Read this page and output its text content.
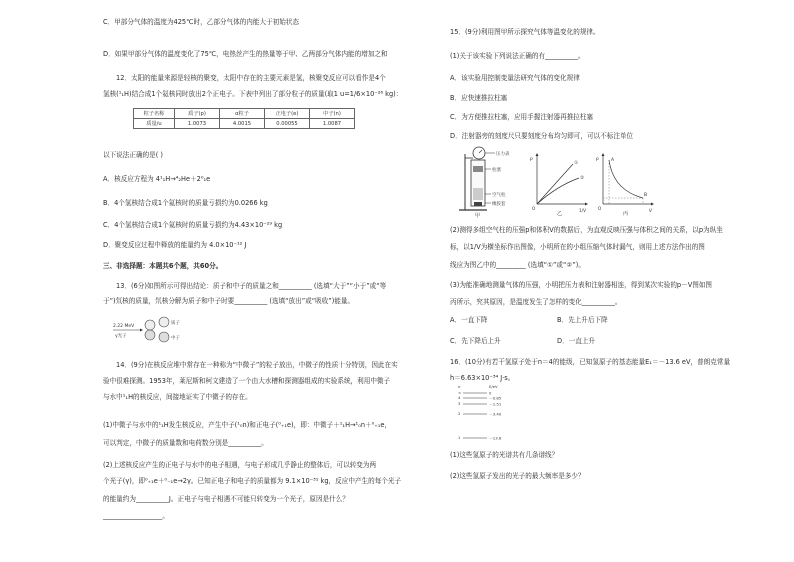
C．甲部分气体的温度为425℃时，乙部分气体的内能大于初始状态
D．如果甲部分气体的温度变化了75℃，电热丝产生的热量等于甲、乙两部分气体内能的增加之和
12．太阳的能量来源是轻核的聚变，太阳中存在的主要元素是氢，核聚变反应可以看作是4个
氢核(¹₁H)结合成1个氦核同时放出2个正电子。下表中列出了部分粒子的质量(取1 u=1/6×10⁻²⁶ kg)：
粒子名称	质子(p)	α粒子	正电子(e)	中子(n)
质量/u	1.0073	4.0015	0.00055	1.0087
以下说法正确的是( )
A．核反应方程为 4¹₁H→⁴₂He＋2⁰₁e
B．4个氢核结合成1个氦核时的质量亏损约为0.0266 kg
C．4个氢核结合成1个氦核时的质量亏损约为4.43×10⁻²⁹ kg
D．聚变反应过程中释放的能量约为 4.0×10⁻¹² J
三、非选择题：本题共6个题，共60分。
13．(6分)如图所示可得出结论：质子和中子的质量之和__________ (选填“大于”“小于”或“等
于”)氘核的质量，氘核分解为质子和中子时要__________ (选填“放出”或“吸收”)能量。
2.22 MeV
γ光子
质子
中子
14．(9分)在核反应堆中常存在一种称为“中微子”的粒子放出，中微子的性质十分特别，因此在实
验中很难探测。1953年，莱尼斯和柯文建造了一个由大水槽和探测器组成的实验系统，利用中微子
与水中¹₁H的核反应，间接地证实了中微子的存在。
(1)中微子与水中的¹₁H发生核反应，产生中子(¹₀n)和正电子(⁰₊₁e)，即：中微子＋¹₁H→¹₀n＋⁰₊₁e，
可以判定，中微子的质量数和电荷数分别是__________。
(2)上述核反应产生的正电子与水中的电子相遇，与电子形成几乎静止的整体后，可以转变为两
个光子(γ)，即⁰₊₁e＋⁰₋₁e→2γ。已知正电子和电子的质量都为 9.1×10⁻³¹ kg，反应中产生的每个光子
的能量约为__________J。正电子与电子相遇不可能只转变为一个光子，原因是什么？
__________________。
15．(9分)利用图甲所示探究气体等温变化的规律。
(1)关于该实验下列说法正确的有__________。
A．该实验用控制变量法研究气体的变化规律
B．应快速推拉柱塞
C．为方便推拉柱塞，应用手握注射器再推拉柱塞
D．注射器旁的刻度尺只要刻度分布均匀即可，可以不标注单位
压力表
柱塞
空气柱
橡胶套
甲
p
1/V
O
①
②
乙
p
V
O
A
B
丙
(2)测得多组空气柱的压强p和体积V的数据后，为直观反映压强与体积之间的关系，以p为纵坐
标，以1/V为横坐标作出图像，小明所在的小组压缩气体时漏气，则用上述方法作出的图
线应为图乙中的_________ (选填“①”或“②”)。
(3)为能准确地测量气体的压强，小明把压力表和注射器相连，得到某次实验的p－V图如图
丙所示，究其原因，是温度发生了怎样的变化__________。
A．一直下降	B．先上升后下降
C．先下降后上升	D．一直上升
16．(10分)有若干氢原子处于n＝4的能级，已知氢原子的基态能量E₁＝－13.6 eV，普朗克常量
h＝6.63×10⁻³⁴ J·s。
n	E/eV
∞	0
4	－0.85
3	－1.51
2	－3.40
1	－13.6
(1)这些氢原子的光谱共有几条谱线？
(2)这些氢原子发出的光子的最大频率是多少？
